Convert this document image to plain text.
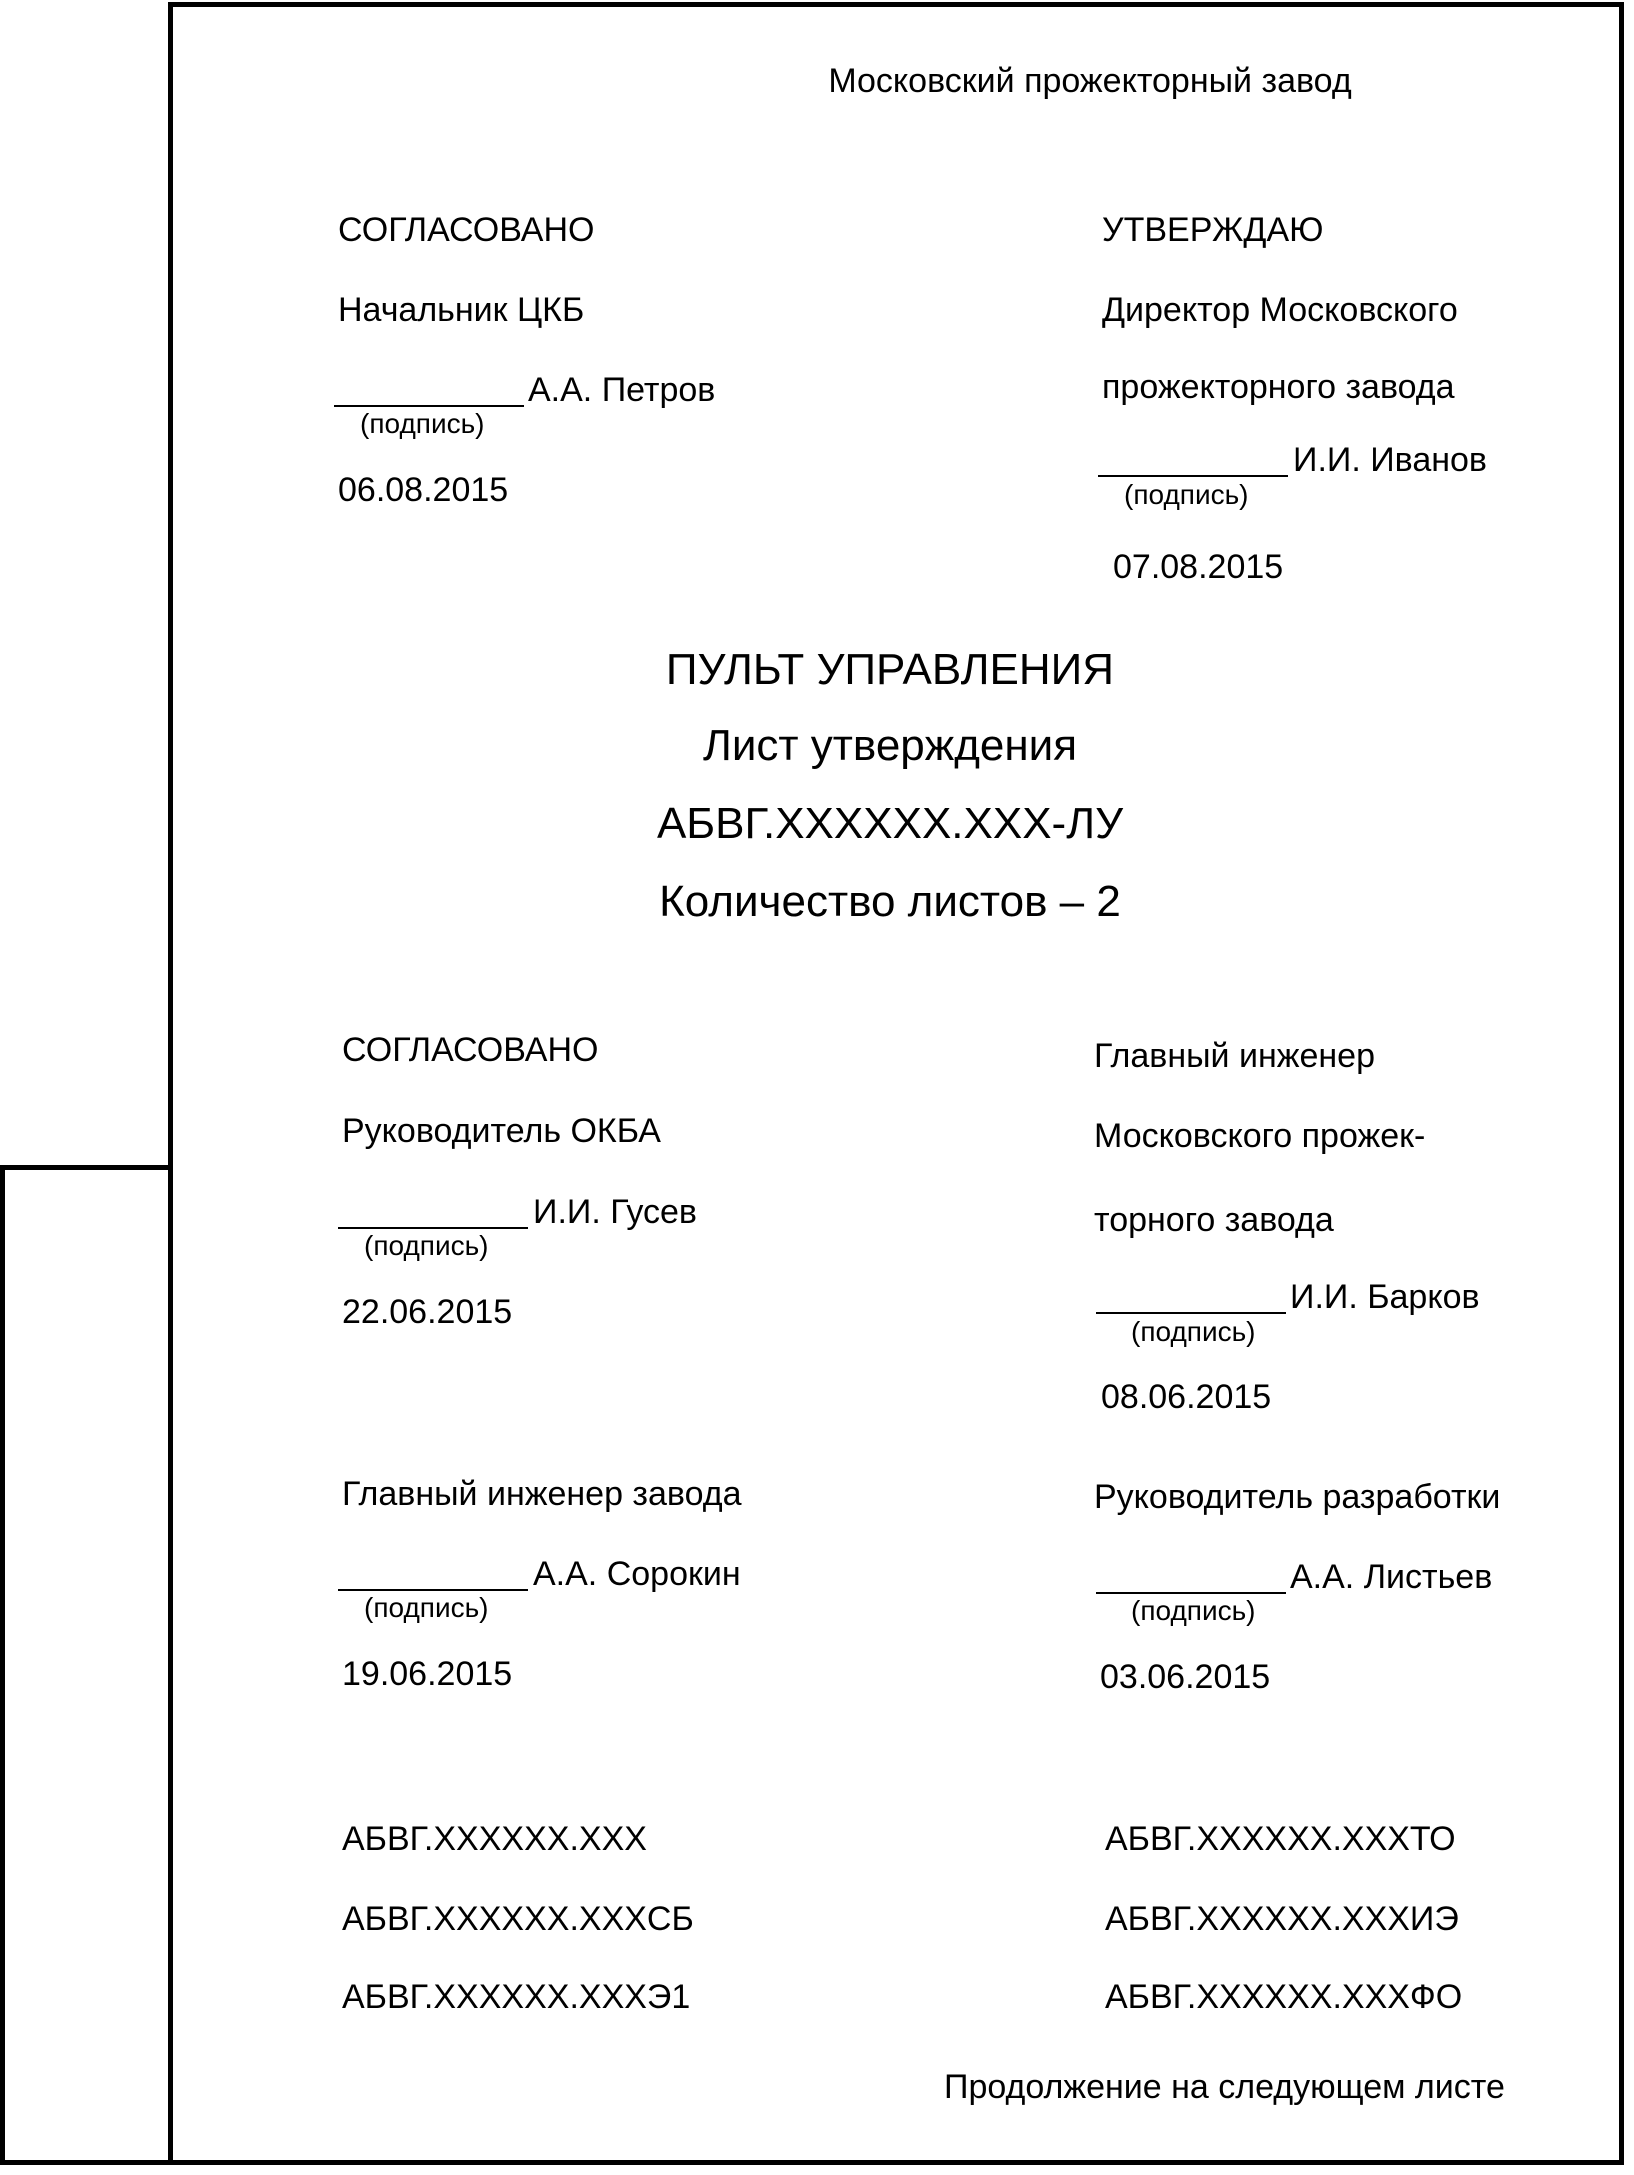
Московский прожекторный завод
СОГЛАСОВАНО
Начальник ЦКБ
А.А. Петров
(подпись)
06.08.2015
УТВЕРЖДАЮ
Директор Московского
прожекторного завода
И.И. Иванов
(подпись)
07.08.2015
ПУЛЬТ УПРАВЛЕНИЯ
Лист утверждения
АБВГ.XXXXXX.XXX-ЛУ
Количество листов – 2
СОГЛАСОВАНО
Руководитель ОКБА
И.И. Гусев
(подпись)
22.06.2015
Главный инженер
Московского прожек-
торного завода
И.И. Барков
(подпись)
08.06.2015
Главный инженер завода
А.А. Сорокин
(подпись)
19.06.2015
Руководитель разработки
А.А. Листьев
(подпись)
03.06.2015
АБВГ.XXXXXX.XXX
АБВГ.XXXXXX.XXXСБ
АБВГ.XXXXXX.XXXЭ1
АБВГ.XXXXXX.XXXТО
АБВГ.XXXXXX.XXXИЭ
АБВГ.XXXXXX.XXXФО
Продолжение на следующем листе
